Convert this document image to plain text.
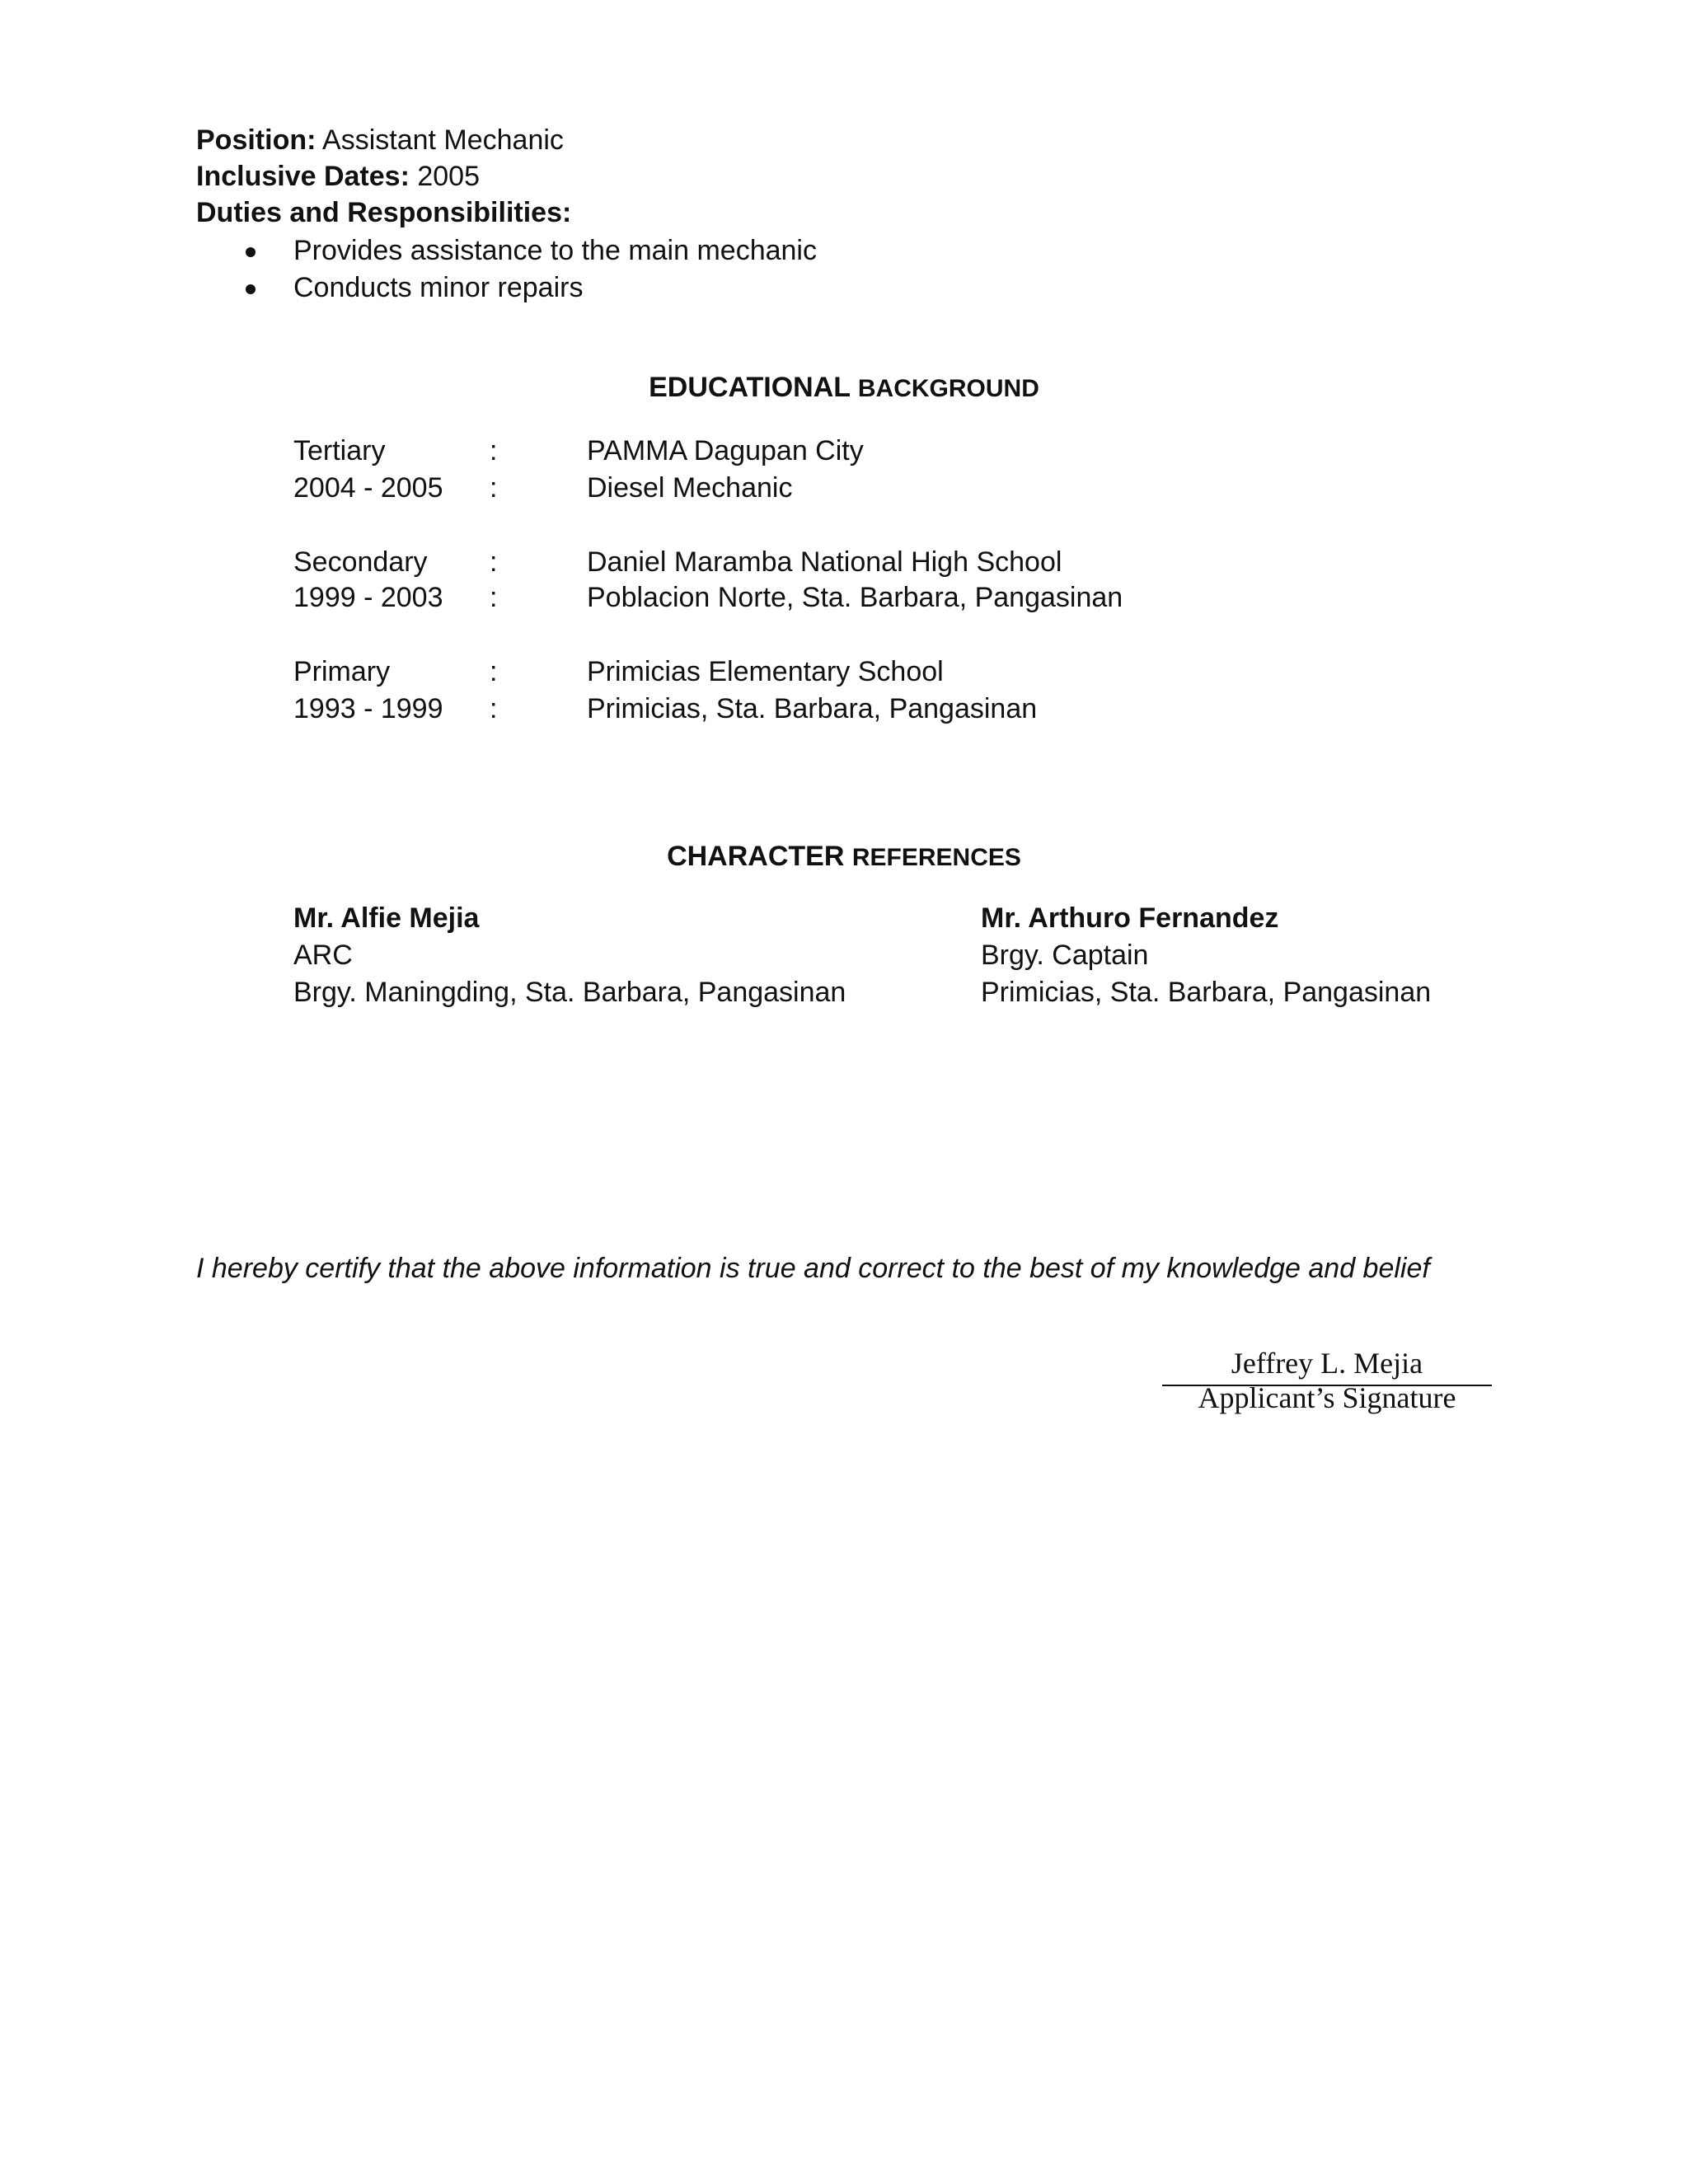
Position: Assistant Mechanic
Inclusive Dates: 2005
Duties and Responsibilities:
Provides assistance to the main mechanic
Conducts minor repairs
EDUCATIONAL BACKGROUND
Tertiary	:	PAMMA Dagupan City
2004 - 2005 :	Diesel Mechanic
Secondary :	Daniel Maramba National High School
1999 - 2003 :	Poblacion Norte, Sta. Barbara, Pangasinan
Primary	:	Primicias Elementary School
1993 - 1999 :	Primicias, Sta. Barbara, Pangasinan
CHARACTER REFERENCES
Mr. Alfie Mejia
ARC
Brgy. Maningding, Sta. Barbara, Pangasinan
Mr. Arthuro Fernandez
Brgy. Captain
Primicias, Sta. Barbara, Pangasinan
I hereby certify that the above information is true and correct to the best of my knowledge and belief
Jeffrey L. Mejia
Applicant’s Signature
